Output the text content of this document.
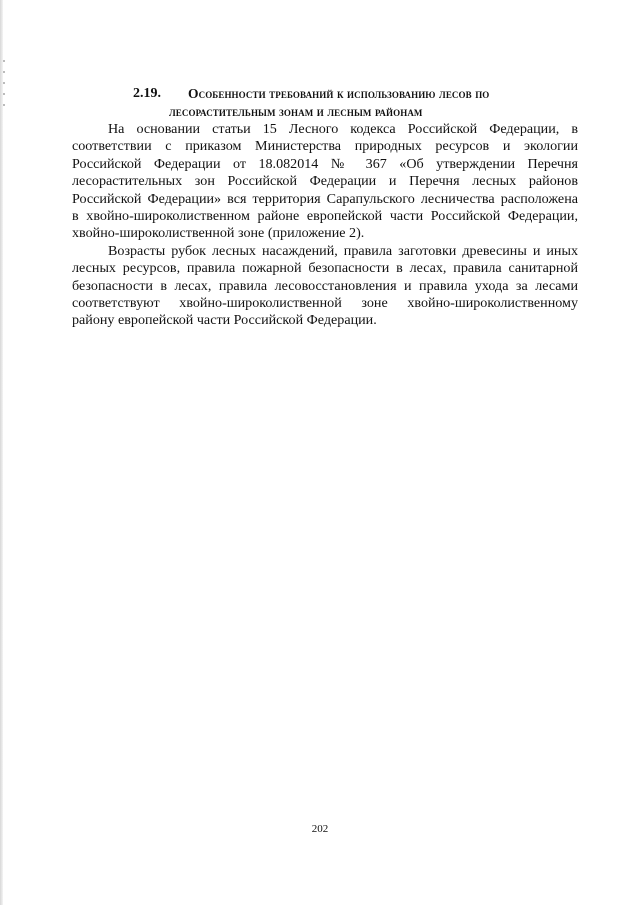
2.19. Особенности требований к использованию лесов по
лесорастительным зонам и лесным районам

На основании статьи 15 Лесного кодекса Российской Федерации, в
соответствии с приказом Министерства природных ресурсов и экологии
Российской Федерации от 18.082014 № 367 «Об утверждении Перечня
лесорастительных зон Российской Федерации и Перечня лесных районов
Российской Федерации» вся территория Сарапульского лесничества расположена
в хвойно-широколиственном районе европейской части Российской Федерации,
хвойно-широколиственной зоне (приложение 2).

Возрасты рубок лесных насаждений, правила заготовки древесины и иных
лесных ресурсов, правила пожарной безопасности в лесах, правила санитарной
безопасности в лесах, правила лесовосстановления и правила ухода за лесами
соответствуют хвойно-широколиственной зоне хвойно-широколиственному
району европейской части Российской Федерации.

202
